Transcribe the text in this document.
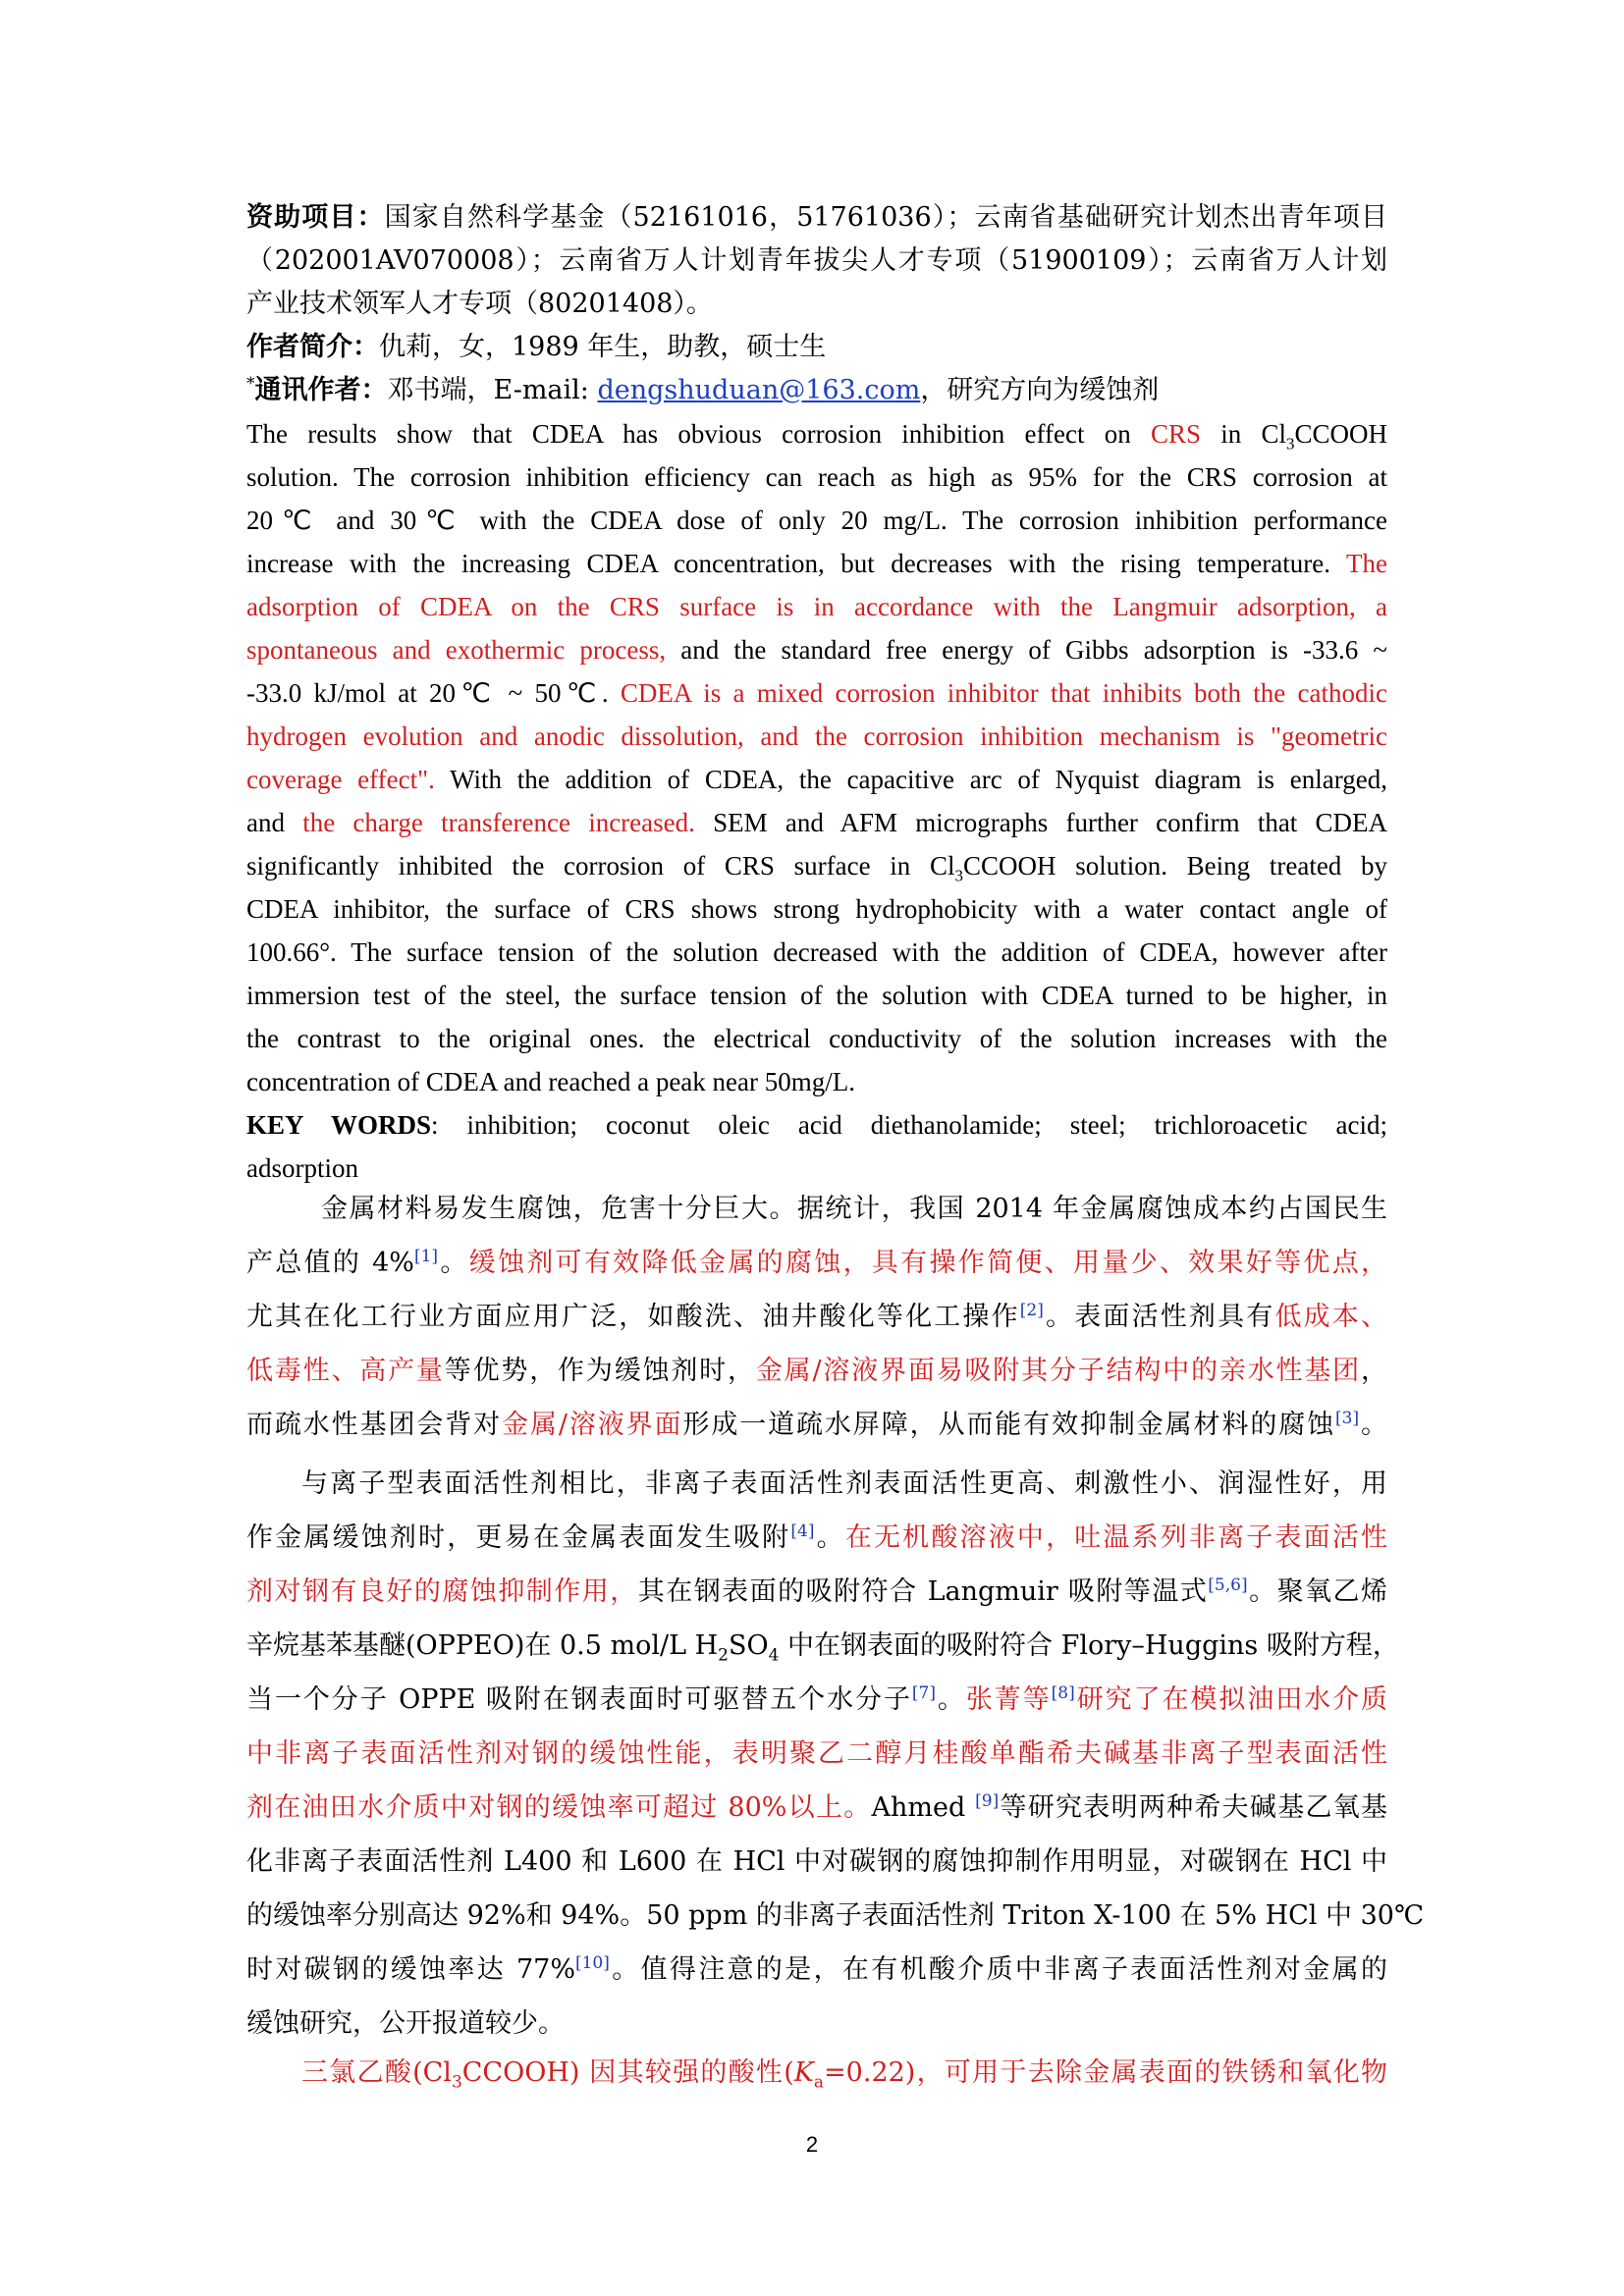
资助项目：国家自然科学基金（52161016，51761036）；云南省基础研究计划杰出青年项目
（202001AV070008）；云南省万人计划青年拔尖人才专项（51900109）；云南省万人计划
产业技术领军人才专项（80201408）。
作者简介：仇莉，女，1989 年生，助教，硕士生
*通讯作者：邓书端，E-mail: dengshuduan@163.com，研究方向为缓蚀剂
The results show that CDEA has obvious corrosion inhibition effect on CRS in $Cl_3CCOOH$
solution. The corrosion inhibition efficiency can reach as high as 95% for the CRS corrosion at
20℃ and 30℃ with the CDEA dose of only 20 mg/L. The corrosion inhibition performance
increase with the increasing CDEA concentration, but decreases with the rising temperature. The
adsorption of CDEA on the CRS surface is in accordance with the Langmuir adsorption, a
spontaneous and exothermic process, and the standard free energy of Gibbs adsorption is -33.6 ~
-33.0 kJ/mol at 20℃ ~ 50℃. CDEA is a mixed corrosion inhibitor that inhibits both the cathodic
hydrogen evolution and anodic dissolution, and the corrosion inhibition mechanism is "geometric
coverage effect". With the addition of CDEA, the capacitive arc of Nyquist diagram is enlarged,
and the charge transference increased. SEM and AFM micrographs further confirm that CDEA
significantly inhibited the corrosion of CRS surface in $Cl_3CCOOH$ solution. Being treated by
CDEA inhibitor, the surface of CRS shows strong hydrophobicity with a water contact angle of
100.66°. The surface tension of the solution decreased with the addition of CDEA, however after
immersion test of the steel, the surface tension of the solution with CDEA turned to be higher, in
the contrast to the original ones. the electrical conductivity of the solution increases with the
concentration of CDEA and reached a peak near 50mg/L.
KEY WORDS: inhibition; coconut oleic acid diethanolamide; steel; trichloroacetic acid;
adsorption
金属材料易发生腐蚀，危害十分巨大。据统计，我国 2014 年金属腐蚀成本约占国民生
产总值的 4%[1]。缓蚀剂可有效降低金属的腐蚀，具有操作简便、用量少、效果好等优点，
尤其在化工行业方面应用广泛，如酸洗、油井酸化等化工操作[2]。表面活性剂具有低成本、
低毒性、高产量等优势，作为缓蚀剂时，金属/溶液界面易吸附其分子结构中的亲水性基团，
而疏水性基团会背对金属/溶液界面形成一道疏水屏障，从而能有效抑制金属材料的腐蚀[3]。
与离子型表面活性剂相比，非离子表面活性剂表面活性更高、刺激性小、润湿性好，用
作金属缓蚀剂时，更易在金属表面发生吸附[4]。在无机酸溶液中，吐温系列非离子表面活性
剂对钢有良好的腐蚀抑制作用，其在钢表面的吸附符合 Langmuir 吸附等温式[5,6]。聚氧乙烯
辛烷基苯基醚(OPPEO)在 0.5 mol/L $H_2SO_4$ 中在钢表面的吸附符合 Flory–Huggins 吸附方程，
当一个分子 OPPE 吸附在钢表面时可驱替五个水分子[7]。张菁等[8]研究了在模拟油田水介质
中非离子表面活性剂对钢的缓蚀性能，表明聚乙二醇月桂酸单酯希夫碱基非离子型表面活性
剂在油田水介质中对钢的缓蚀率可超过 80%以上。Ahmed [9]等研究表明两种希夫碱基乙氧基
化非离子表面活性剂 L400 和 L600 在 HCl 中对碳钢的腐蚀抑制作用明显，对碳钢在 HCl 中
的缓蚀率分别高达 92%和 94%。50 ppm 的非离子表面活性剂 Triton X-100 在 5% HCl 中 30℃
时对碳钢的缓蚀率达 77%[10]。值得注意的是，在有机酸介质中非离子表面活性剂对金属的
缓蚀研究，公开报道较少。
三氯乙酸$(Cl_3CCOOH)$ 因其较强的酸性$(K_a=0.22)$，可用于去除金属表面的铁锈和氧化物
2
